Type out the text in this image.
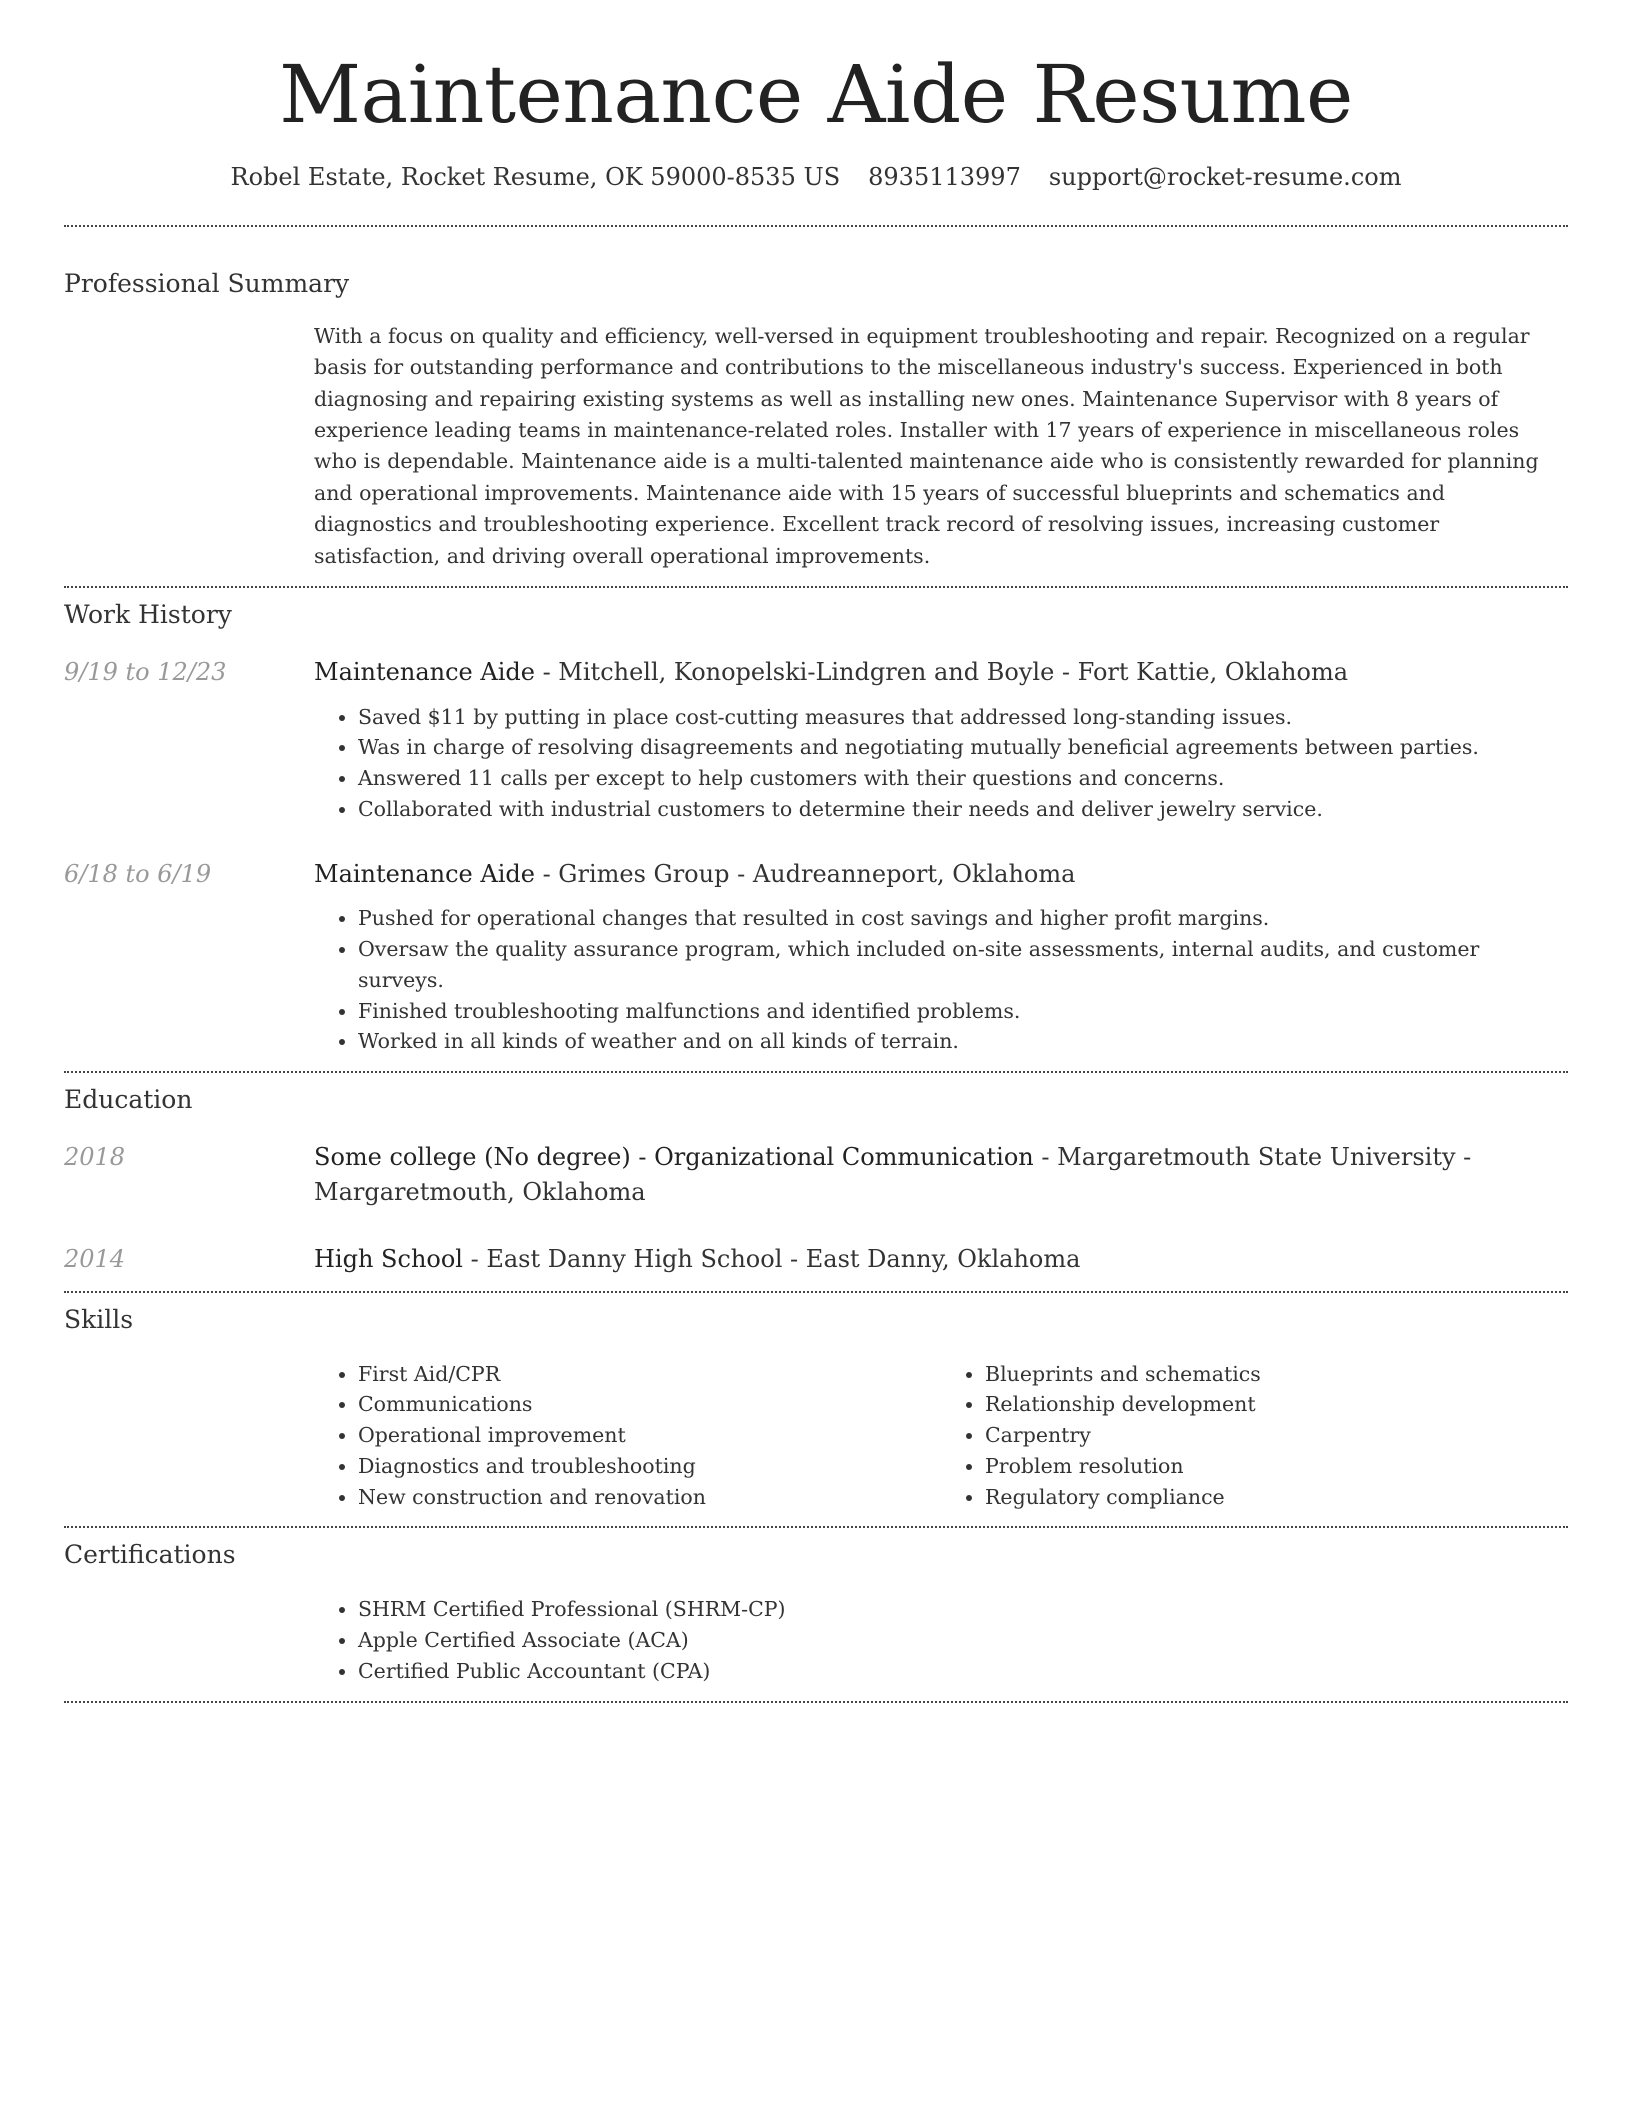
Maintenance Aide Resume
Robel Estate, Rocket Resume, OK 59000-8535 US 8935113997 support@rocket-resume.com
Professional Summary

With a focus on quality and efficiency, well-versed in equipment troubleshooting and repair. Recognized on a regular basis for outstanding performance and contributions to the miscellaneous industry's success. Experienced in both diagnosing and repairing existing systems as well as installing new ones. Maintenance Supervisor with 8 years of experience leading teams in maintenance-related roles. Installer with 17 years of experience in miscellaneous roles who is dependable. Maintenance aide is a multi-talented maintenance aide who is consistently rewarded for planning and operational improvements. Maintenance aide with 15 years of successful blueprints and schematics and diagnostics and troubleshooting experience. Excellent track record of resolving issues, increasing customer satisfaction, and driving overall operational improvements.

Work History
9/19 to 12/23	Maintenance Aide - Mitchell, Konopelski-Lindgren and Boyle - Fort Kattie, Oklahoma

• Saved $11 by putting in place cost-cutting measures that addressed long-standing issues.
• Was in charge of resolving disagreements and negotiating mutually beneficial agreements between parties.
• Answered 11 calls per except to help customers with their questions and concerns.
• Collaborated with industrial customers to determine their needs and deliver jewelry service.
6/18 to 6/19	Maintenance Aide - Grimes Group - Audreanneport, Oklahoma

• Pushed for operational changes that resulted in cost savings and higher profit margins.
• Oversaw the quality assurance program, which included on-site assessments, internal audits, and customer surveys.
• Finished troubleshooting malfunctions and identified problems.
• Worked in all kinds of weather and on all kinds of terrain.
Education
2018	Some college (No degree) - Organizational Communication - Margaretmouth State University - Margaretmouth, Oklahoma

2014	High School - East Danny High School - East Danny, Oklahoma

Skills
• First Aid/CPR
• Communications
• Operational improvement
• Diagnostics and troubleshooting
• New construction and renovation
• Blueprints and schematics
• Relationship development
• Carpentry
• Problem resolution
• Regulatory compliance
Certifications
• SHRM Certified Professional (SHRM-CP)
• Apple Certified Associate (ACA)
• Certified Public Accountant (CPA)
